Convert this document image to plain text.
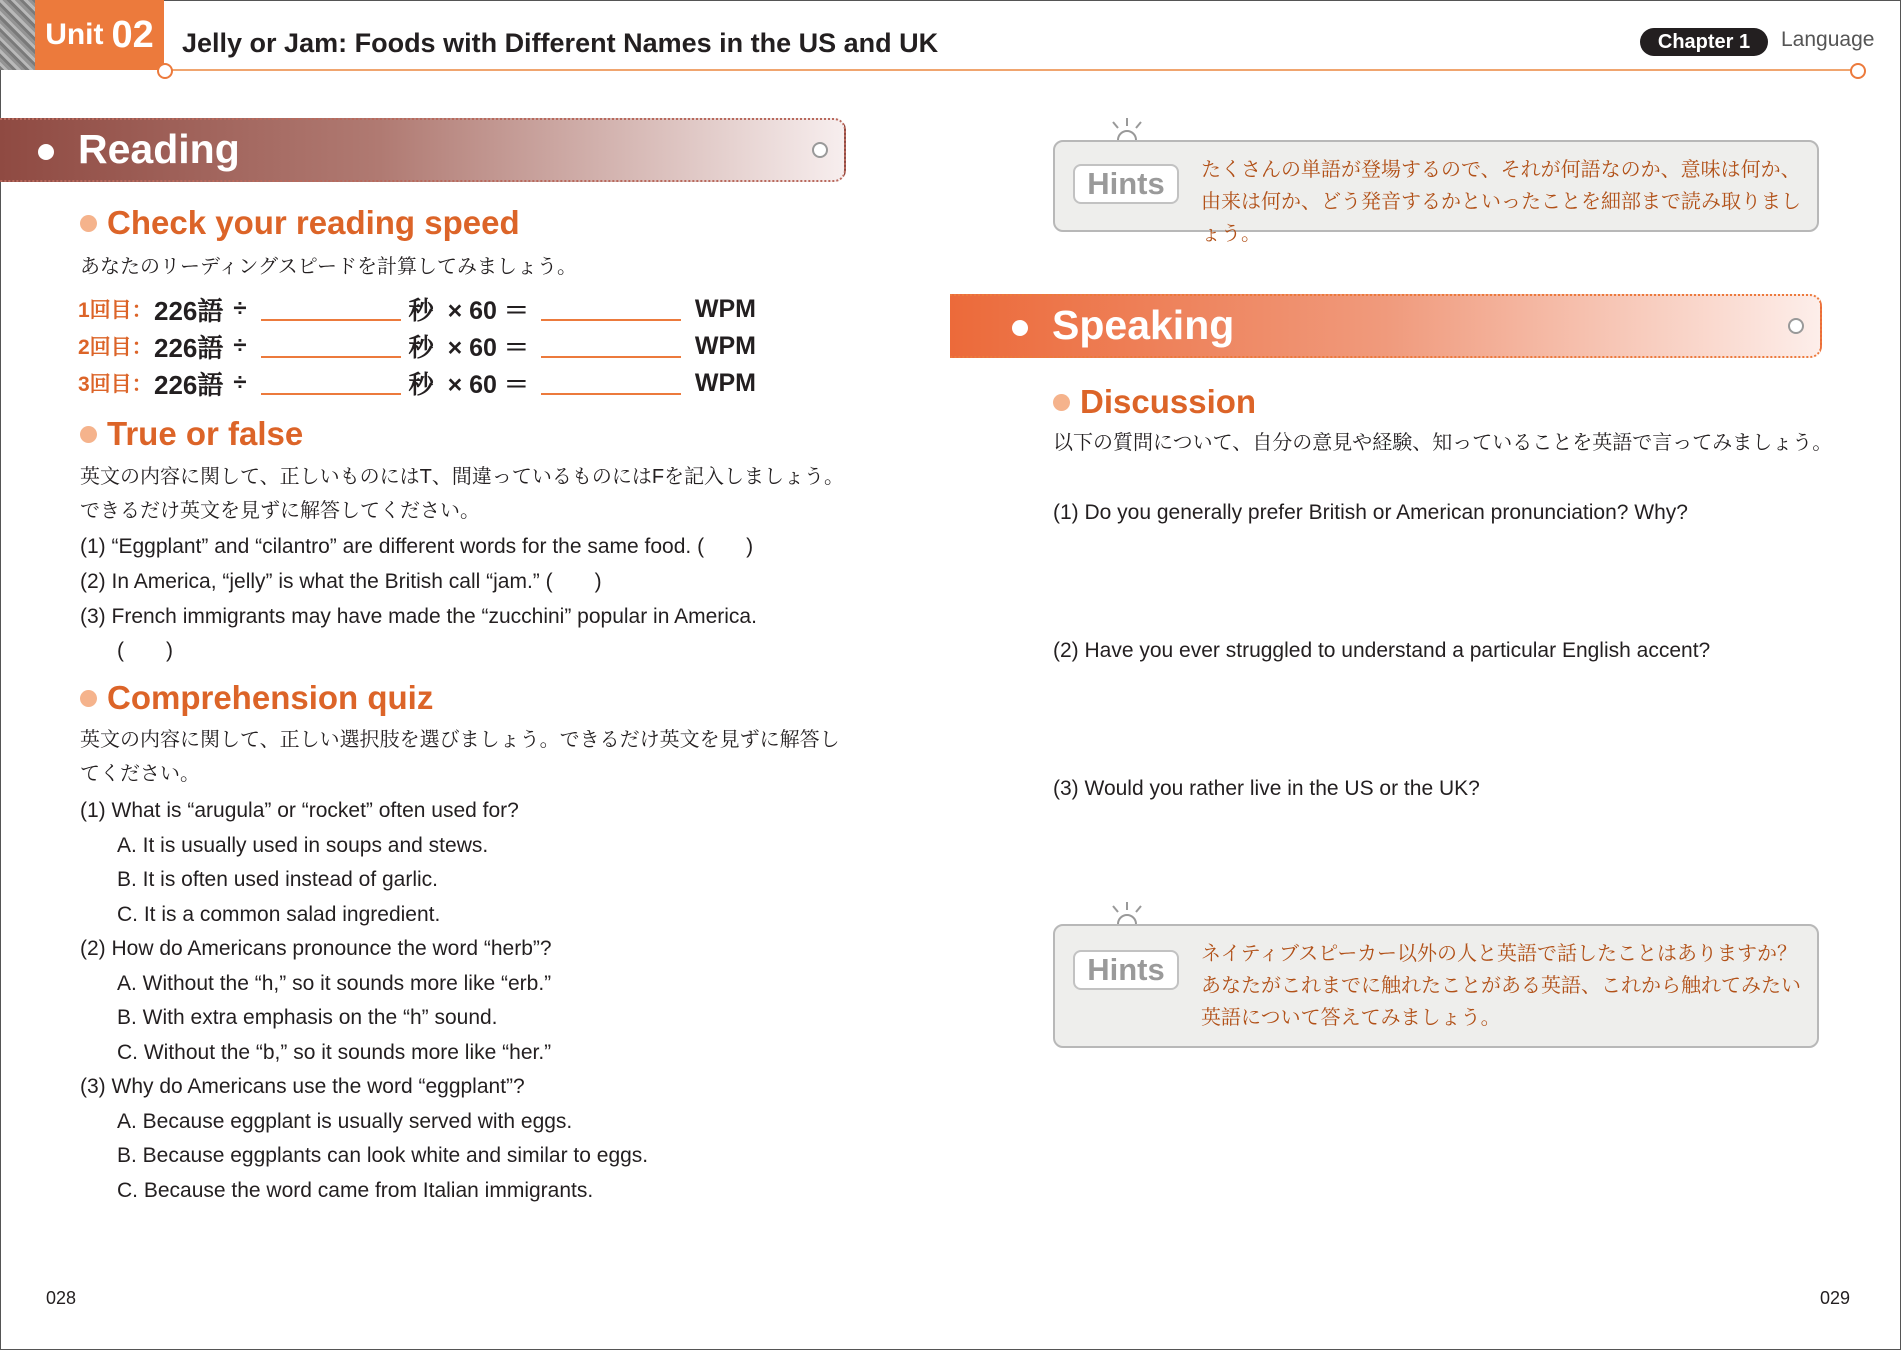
Unit 02 Jelly or Jam: Foods with Different Names in the US and UK	Chapter 1	Language
Reading
Check your reading speed
あなたのリーディングスピードを計算してみましょう。
1回目： 226語 ÷	秒 × 60 ＝	WPM
2回目： 226語 ÷	秒 × 60 ＝	WPM
3回目： 226語 ÷	秒 × 60 ＝	WPM
True or false
英文の内容に関して、正しいものにはT、間違っているものにはFを記入しましょう。
できるだけ英文を見ずに解答してください。
(1) “Eggplant” and “cilantro” are different words for the same food. (　　)
(2) In America, “jelly” is what the British call “jam.” (　　)
(3) French immigrants may have made the “zucchini” popular in America.
(　　)
Comprehension quiz
英文の内容に関して、正しい選択肢を選びましょう。できるだけ英文を見ずに解答し
てください。
(1) What is “arugula” or “rocket” often used for?
A. It is usually used in soups and stews.
B. It is often used instead of garlic.
C. It is a common salad ingredient.
(2) How do Americans pronounce the word “herb”?
A. Without the “h,” so it sounds more like “erb.”
B. With extra emphasis on the “h” sound.
C. Without the “b,” so it sounds more like “her.”
(3) Why do Americans use the word “eggplant”?
A. Because eggplant is usually served with eggs.
B. Because eggplants can look white and similar to eggs.
C. Because the word came from Italian immigrants.
Hints	たくさんの単語が登場するので、それが何語なのか、意味は何か、由来は何か、どう発音するかといったことを細部まで読み取りましょう。
Speaking
Discussion
以下の質問について、自分の意見や経験、知っていることを英語で言ってみましょう。
(1) Do you generally prefer British or American pronunciation? Why?
(2) Have you ever struggled to understand a particular English accent?
(3) Would you rather live in the US or the UK?
Hints	ネイティブスピーカー以外の人と英語で話したことはありますか？　あなたがこれまでに触れたことがある英語、これから触れてみたい英語について答えてみましょう。
028	029
